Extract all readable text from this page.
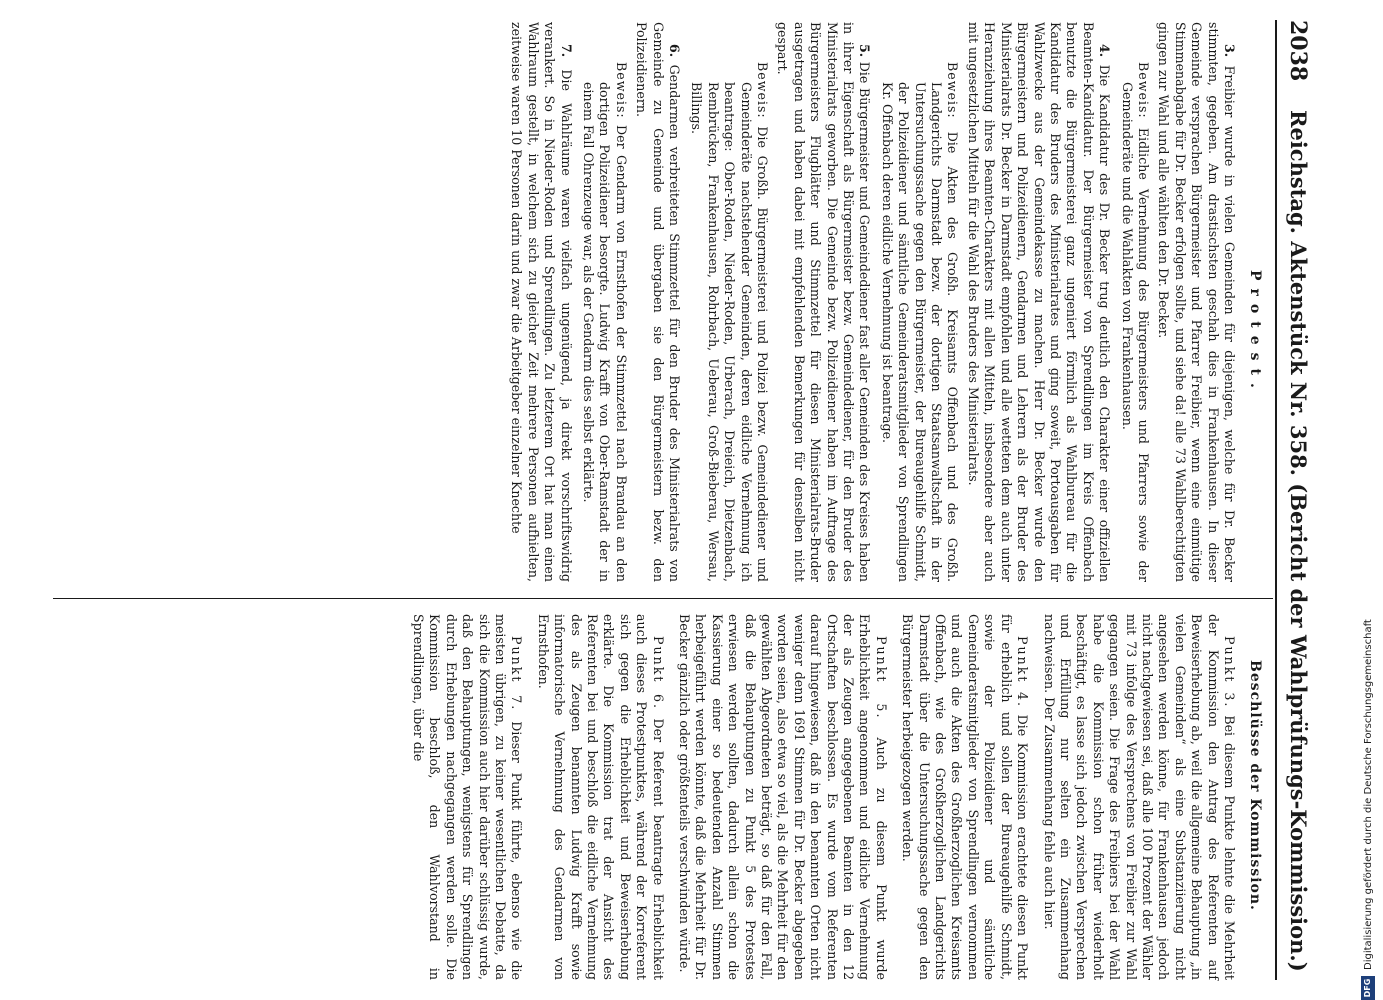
2038
Reichstag. Aktenstück Nr. 358. (Bericht der Wahlprüfungs-Kommission.)
Protest.
Beschlüsse der Kommission.

3. Freibier wurde in vielen Gemeinden für diejenigen, welche für Dr. Becker stimmten, gegeben. Am drastischsten geschah dies in Frankenhausen. In dieser Gemeinde versprachen Bürgermeister und Pfarrer Freibier, wenn eine einmütige Stimmenabgabe für Dr. Becker erfolgen sollte, und siehe da! alle 73 Wahlberechtigten gingen zur Wahl und alle wählten den Dr. Becker.

Beweis: Eidliche Vernehmung des Bürgermeisters und Pfarrers sowie der Gemeinderäte und die Wahlakten von Frankenhausen.

4. Die Kandidatur des Dr. Becker trug deutlich den Charakter einer offiziellen Beamten-Kandidatur. Der Bürgermeister von Sprendlingen im Kreis Offenbach benutzte die Bürgermeisterei ganz ungeniert förmlich als Wahlbureau für die Kandidatur des Bruders des Ministerialrates und ging soweit, Portoausgaben für Wahlzwecke aus der Gemeindekasse zu machen. Herr Dr. Becker wurde den Bürgermeistern und Polizeidienern, Gendarmen und Lehrern als der Bruder des Ministerialrats Dr. Becker in Darmstadt empfohlen und alle wetteten dem auch unter Heranziehung ihres Beamten-Charakters mit allen Mitteln, insbesondere aber auch mit ungesetzlichen Mitteln für die Wahl des Bruders des Ministerialrats.

Beweis: Die Akten des Großh. Kreisamts Offenbach und des Großh. Landgerichts Darmstadt bezw. der dortigen Staatsanwaltschaft in der Untersuchungssache gegen den Bürgermeister, der Bureaugehilfe Schmidt, der Polizeidiener und sämtliche Gemeinderatsmitglieder von Sprendlingen Kr. Offenbach deren eidliche Vernehmung ist beantrage.

5. Die Bürgermeister und Gemeindediener fast aller Gemeinden des Kreises haben in ihrer Eigenschaft als Bürgermeister bezw. Gemeindediener, für den Bruder des Ministerialrats geworben. Die Gemeinde bezw. Polizeidiener haben im Auftrage des Bürgermeisters Flugblätter und Stimmzettel für diesen Ministerialrats-Bruder ausgetragen und haben dabei mit empfehlenden Bemerkungen für denselben nicht gespart.

Beweis: Die Großh. Bürgermeisterei und Polizei bezw. Gemeindediener und Gemeinderäte nachstehender Gemeinden, deren eidliche Vernehmung ich beantrage: Ober-Roden, Nieder-Roden, Urberach, Dreieich, Dietzenbach, Rembrücken, Frankenhausen, Rohrbach, Ueberau, Groß-Bieberau, Wersau, Billings.

6. Gendarmen verbreiteten Stimmzettel für den Bruder des Ministerialrats von Gemeinde zu Gemeinde und übergaben sie den Bürgermeistern bezw. den Polizeidienern.

Beweis: Der Gendarm von Ernsthofen der Stimmzettel nach Brandau an den dortigen Polizeidiener besorgte. Ludwig Krafft von Ober-Ramstadt der in einem Fall Ohrenzeuge war, als der Gendarm dies selbst erklärte.

7. Die Wahlräume waren vielfach ungenügend, ja direkt vorschriftswidrig verankert. So in Nieder-Roden und Sprendlingen. Zu letzterem Ort hat man einen Wahlraum gestellt, in welchem sich zu gleicher Zeit mehrere Personen aufhielten, zeitweise waren 10 Personen darin und zwar die Arbeitgeber einzelner Knechte

Punkt 3. Bei diesem Punkte lehnte die Mehrheit der Kommission den Antrag des Referenten auf Beweiserhebung ab, weil die allgemeine Behauptung „in vielen Gemeinden“ als eine Substanziierung nicht angesehen werden könne, für Frankenhausen jedoch nicht nachgewiesen sei, daß alle 100 Prozent der Wähler mit 73 infolge des Versprechens von Freibier zur Wahl gegangen seien. Die Frage des Freibiers bei der Wahl habe die Kommission schon früher wiederholt beschäftigt, es lasse sich jedoch zwischen Versprechen und Erfüllung nur selten ein Zusammenhang nachweisen. Der Zusammenhang fehle auch hier.

Punkt 4. Die Kommission erachtete diesen Punkt für erheblich und sollen der Bureaugehilfe Schmidt, sowie der Polizeidiener und sämtliche Gemeinderatsmitglieder von Sprendlingen vernommen und auch die Akten des Großherzoglichen Kreisamts Offenbach, wie des Großherzoglichen Landgerichts Darmstadt über die Untersuchungssache gegen den Bürgermeister herbeigezogen werden.

Punkt 5. Auch zu diesem Punkt wurde Erheblichkeit angenommen und eidliche Vernehmung der als Zeugen angegebenen Beamten in den 12 Ortschaften beschlossen. Es wurde vom Referenten darauf hingewiesen, daß in den benannten Orten nicht weniger denn 1691 Stimmen für Dr. Becker abgegeben worden seien, also etwa so viel, als die Mehrheit für den gewählten Abgeordneten beträgt, so daß für den Fall, daß die Behauptungen zu Punkt 5 des Protestes erwiesen werden sollten, dadurch allein schon die Kassierung einer so bedeutenden Anzahl Stimmen herbeigeführt werden könnte, daß die Mehrheit für Dr. Becker gänzlich oder größtenteils verschwinden würde.

Punkt 6. Der Referent beantragte Erheblichkeit auch dieses Protestpunktes, während der Korreferent sich gegen die Erheblichkeit und Beweiserhebung erklärte. Die Kommission trat der Ansicht des Referenten bei und beschloß die eidliche Vernehmung des als Zeugen benannten Ludwig Krafft sowie informatorische Vernehmung des Gendarmen von Ernsthofen.

Punkt 7. Dieser Punkt führte, ebenso wie die meisten übrigen, zu keiner wesentlichen Debatte, da sich die Kommission auch hier darüber schlüssig wurde, daß den Behauptungen, wenigstens für Sprendlingen durch Erhebungen nachgegangen werden solle. Die Kommission beschloß, den Wahlvorstand in Sprendlingen, über die

DFG
Digitalisierung gefördert durch die Deutsche Forschungsgemeinschaft
